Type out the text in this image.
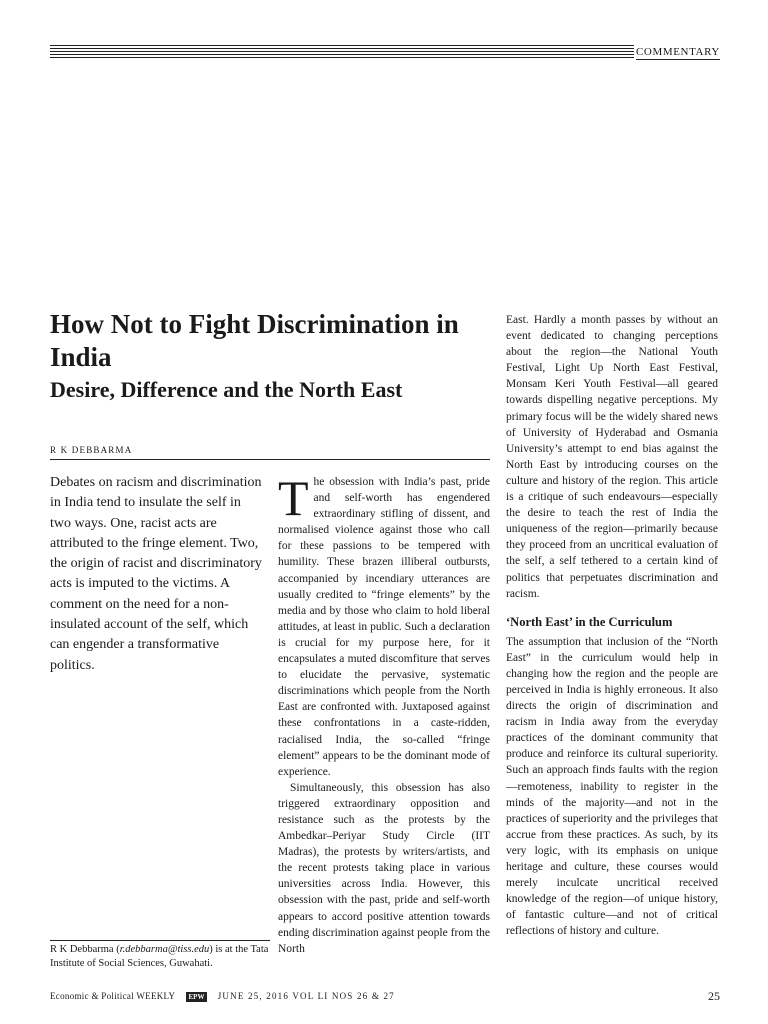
COMMENTARY
How Not to Fight Discrimination in India
Desire, Difference and the North East
R K DEBBARMA

Debates on racism and discrimination in India tend to insulate the self in two ways. One, racist acts are attributed to the fringe element. Two, the origin of racist and discriminatory acts is imputed to the victims. A comment on the need for a non-insulated account of the self, which can engender a transformative politics.

R K Debbarma (r.debbarma@tiss.edu) is at the Tata Institute of Social Sciences, Guwahati.

The obsession with India’s past, pride and self-worth has engendered extraordinary stifling of dissent, and normalised violence against those who call for these passions to be tempered with humility. These brazen illiberal outbursts, accompanied by incendiary utterances are usually credited to “fringe elements” by the media and by those who claim to hold liberal attitudes, at least in public. Such a declaration is crucial for my purpose here, for it encapsulates a muted discomfiture that serves to elucidate the pervasive, systematic discriminations which people from the North East are confronted with. Juxtaposed against these confrontations in a caste-ridden, racialised India, the so-called “fringe element” appears to be the dominant mode of experience.

Simultaneously, this obsession has also triggered extraordinary opposition and resistance such as the protests by the Ambedkar–Periyar Study Circle (IIT Madras), the protests by writers/artists, and the recent protests taking place in various universities across India. However, this obsession with the past, pride and self-worth appears to accord positive attention towards ending discrimination against people from the North

East. Hardly a month passes by without an event dedicated to changing perceptions about the region—the National Youth Festival, Light Up North East Festival, Monsam Keri Youth Festival—all geared towards dispelling negative perceptions. My primary focus will be the widely shared news of University of Hyderabad and Osmania University’s attempt to end bias against the North East by introducing courses on the culture and history of the region. This article is a critique of such endeavours—especially the desire to teach the rest of India the uniqueness of the region—primarily because they proceed from an uncritical evaluation of the self, a self tethered to a certain kind of politics that perpetuates discrimination and racism.

‘North East’ in the Curriculum

The assumption that inclusion of the “North East” in the curriculum would help in changing how the region and the people are perceived in India is highly erroneous. It also directs the origin of discrimination and racism in India away from the everyday practices of the dominant community that produce and reinforce its cultural superiority. Such an approach finds faults with the region—remoteness, inability to register in the minds of the majority—and not in the practices of superiority and the privileges that accrue from these practices. As such, by its very logic, with its emphasis on unique heritage and culture, these courses would merely inculcate uncritical received knowledge of the region—of unique history, of fantastic culture—and not of critical reflections of history and culture.

Economic & Political WEEKLY EPW JUNE 25, 2016 VOL LI NOS 26 & 27	25
